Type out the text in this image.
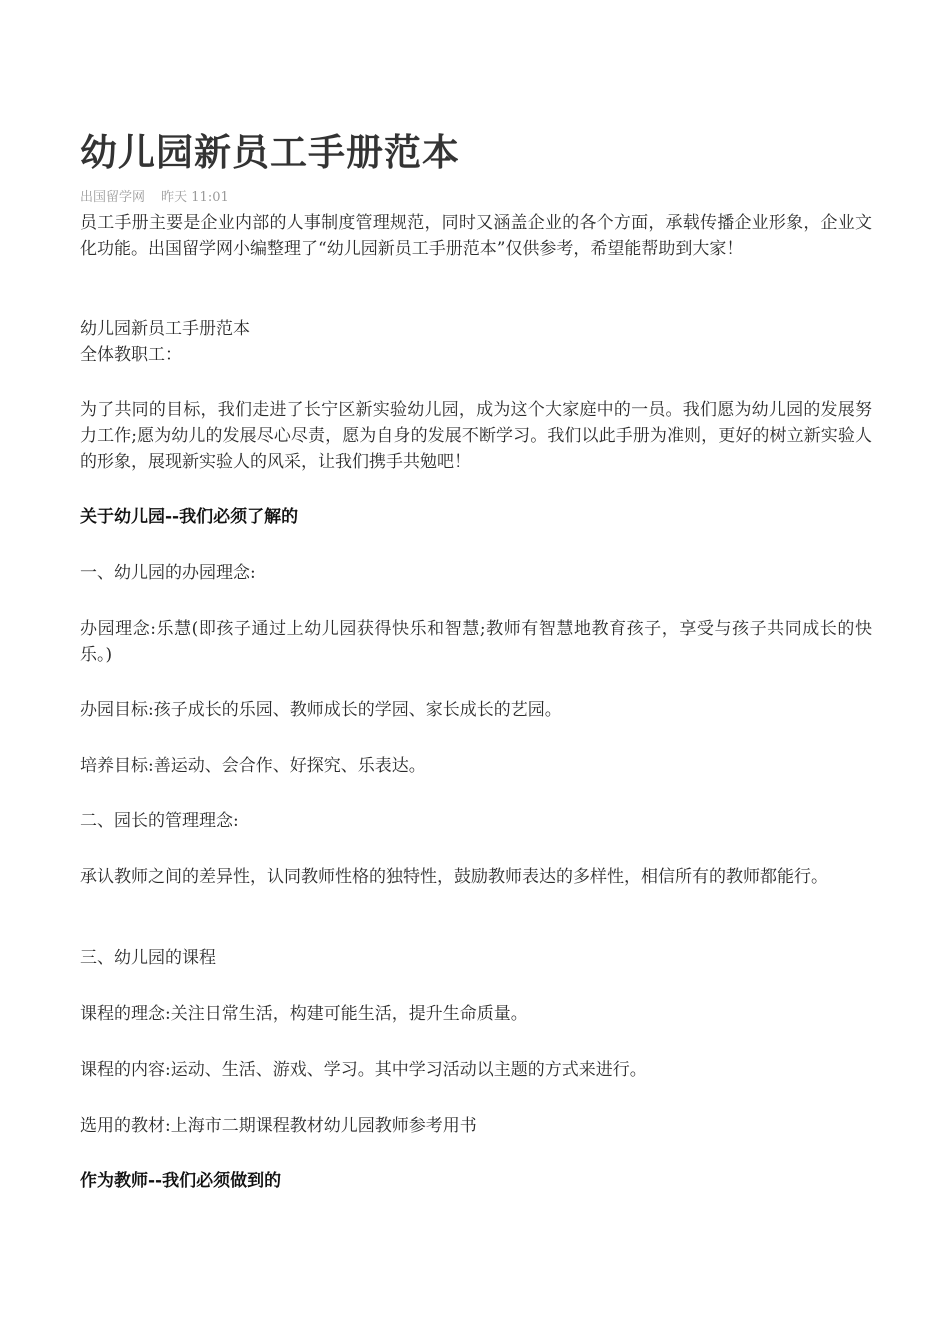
幼儿园新员工手册范本
出国留学网 昨天 11:01

员工手册主要是企业内部的人事制度管理规范，同时又涵盖企业的各个方面，承载传播企业形象，企业文化功能。出国留学网小编整理了“幼儿园新员工手册范本”仅供参考，希望能帮助到大家！

幼儿园新员工手册范本

全体教职工：

为了共同的目标，我们走进了长宁区新实验幼儿园，成为这个大家庭中的一员。我们愿为幼儿园的发展努力工作;愿为幼儿的发展尽心尽责，愿为自身的发展不断学习。我们以此手册为准则，更好的树立新实验人的形象，展现新实验人的风采，让我们携手共勉吧！

关于幼儿园--我们必须了解的

一、幼儿园的办园理念:

办园理念:乐慧(即孩子通过上幼儿园获得快乐和智慧;教师有智慧地教育孩子，享受与孩子共同成长的快乐。)

办园目标:孩子成长的乐园、教师成长的学园、家长成长的艺园。

培养目标:善运动、会合作、好探究、乐表达。

二、园长的管理理念:

承认教师之间的差异性，认同教师性格的独特性，鼓励教师表达的多样性，相信所有的教师都能行。

三、幼儿园的课程

课程的理念:关注日常生活，构建可能生活，提升生命质量。

课程的内容:运动、生活、游戏、学习。其中学习活动以主题的方式来进行。

选用的教材:上海市二期课程教材幼儿园教师参考用书

作为教师--我们必须做到的
